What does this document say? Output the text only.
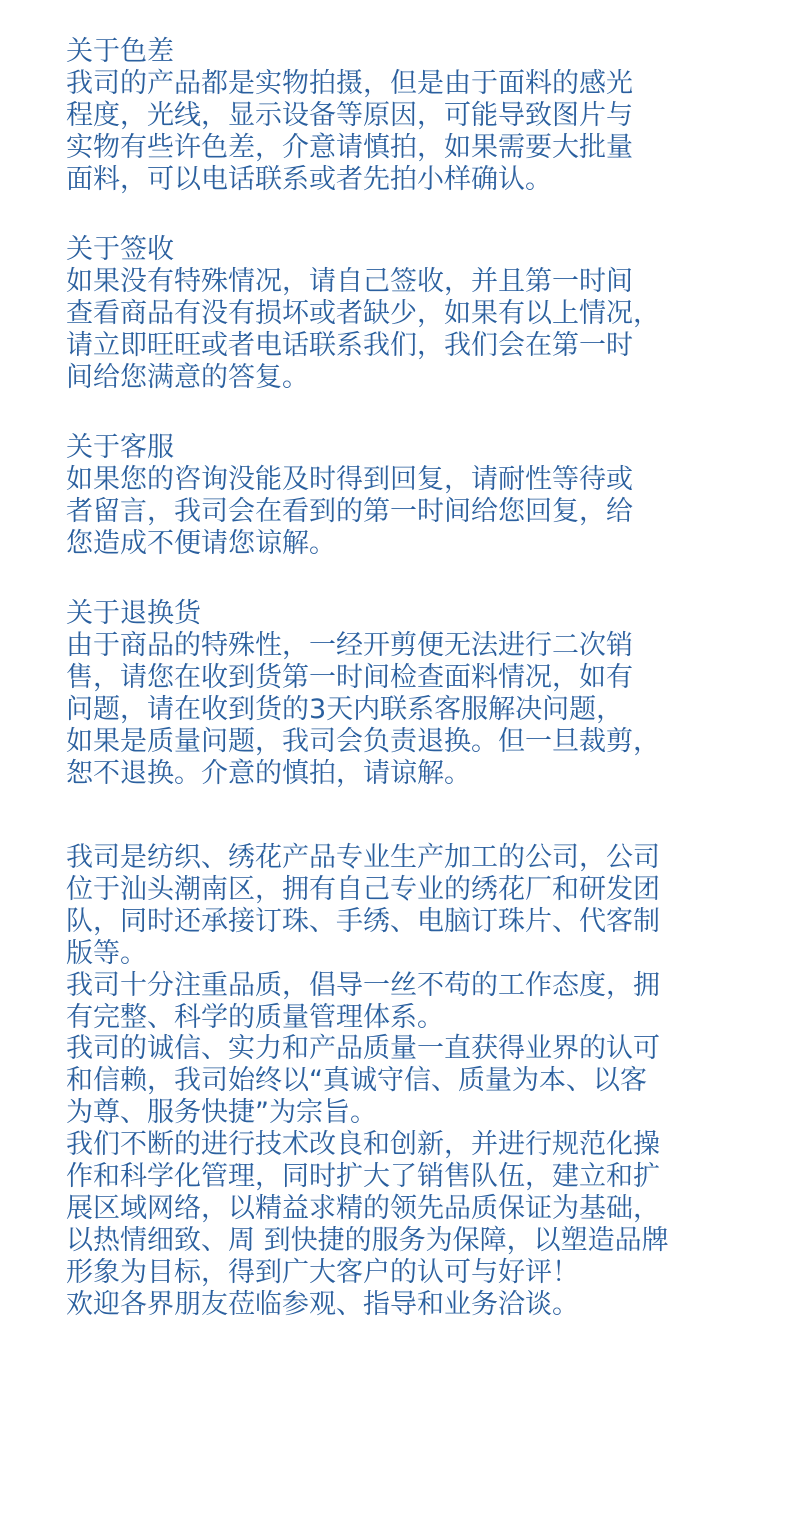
关于色差
我司的产品都是实物拍摄，但是由于面料的感光
程度，光线，显示设备等原因，可能导致图片与
实物有些许色差，介意请慎拍，如果需要大批量
面料，可以电话联系或者先拍小样确认。
关于签收
如果没有特殊情况，请自己签收，并且第一时间
查看商品有没有损坏或者缺少，如果有以上情况，
请立即旺旺或者电话联系我们，我们会在第一时
间给您满意的答复。
关于客服
如果您的咨询没能及时得到回复，请耐性等待或
者留言，我司会在看到的第一时间给您回复，给
您造成不便请您谅解。
关于退换货
由于商品的特殊性，一经开剪便无法进行二次销
售，请您在收到货第一时间检查面料情况，如有
问题，请在收到货的3天内联系客服解决问题，
如果是质量问题，我司会负责退换。但一旦裁剪，
恕不退换。介意的慎拍，请谅解。
我司是纺织、绣花产品专业生产加工的公司，公司
位于汕头潮南区，拥有自己专业的绣花厂和研发团
队，同时还承接订珠、手绣、电脑订珠片、代客制
版等。
我司十分注重品质，倡导一丝不苟的工作态度，拥
有完整、科学的质量管理体系。
我司的诚信、实力和产品质量一直获得业界的认可
和信赖，我司始终以“真诚守信、质量为本、以客
为尊、服务快捷”为宗旨。
我们不断的进行技术改良和创新，并进行规范化操
作和科学化管理，同时扩大了销售队伍，建立和扩
展区域网络，以精益求精的领先品质保证为基础，
以热情细致、周 到快捷的服务为保障，以塑造品牌
形象为目标，得到广大客户的认可与好评！
欢迎各界朋友莅临参观、指导和业务洽谈。
